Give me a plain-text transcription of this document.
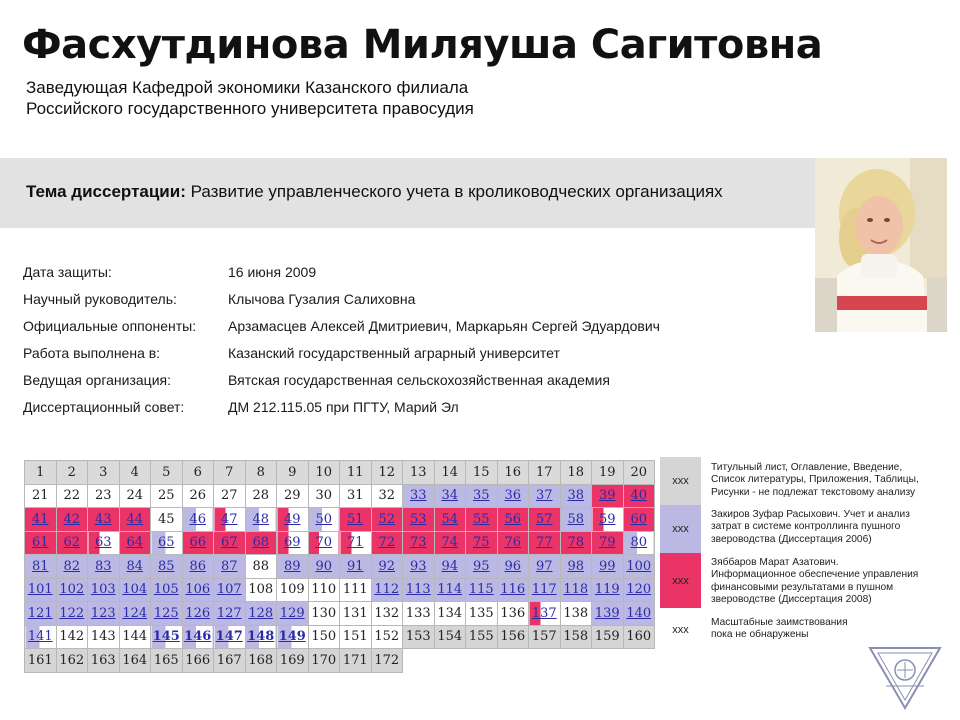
Фасхутдинова Миляуша Сагитовна
Заведующая Кафедрой экономики Казанского филиала
Российского государственного университета правосудия
Тема диссертации: Развитие управленческого учета в кролиководческих организациях
Дата защиты:	16 июня 2009
Научный руководитель:	Клычова Гузалия Салиховна
Официальные оппоненты: Арзамасцев Алексей Дмитриевич, Маркарьян Сергей Эдуардович
Работа выполнена в:	Казанский государственный аграрный университет
Ведущая организация:	Вятская государственная сельскохозяйственная академия
Диссертационный совет:	ДМ 212.115.05 при ПГТУ, Марий Эл
1	2	3	4	5	6	7	8	9	10	11	12	13	14	15	16	17	18	19	20
21	22	23	24	25	26	27	28	29	30	31	32	33	34	35	36	37	38	39	40
41	42	43	44	45	46	47	48	49	50	51	52	53	54	55	56	57	58	59	60
61	62	63	64	65	66	67	68	69	70	71	72	73	74	75	76	77	78	79	80
81	82	83	84	85	86	87	88	89	90	91	92	93	94	95	96	97	98	99	100
101	102	103	104	105	106	107	108	109	110	111	112	113	114	115	116	117	118	119	120
121	122	123	124	125	126	127	128	129	130	131	132	133	134	135	136	137	138	139	140
141	142	143	144	145	146	147	148	149	150	151	152	153	154	155	156	157	158	159	160
161	162	163	164	165	166	167	168	169	170	171	172								
xxx
Титульный лист, Оглавление, Введение,
Список литературы, Приложения, Таблицы,
Рисунки - не подлежат текстовому анализу
xxx
Закиров Зуфар Расыхович. Учет и анализ
затрат в системе контроллинга пушного
звероводства (Диссертация 2006)
xxx
Зяббаров Марат Азатович.
Информационное обеспечение управления
финансовыми результатами в пушном
звероводстве (Диссертация 2008)
xxx
Масштабные заимствования
пока не обнаружены
